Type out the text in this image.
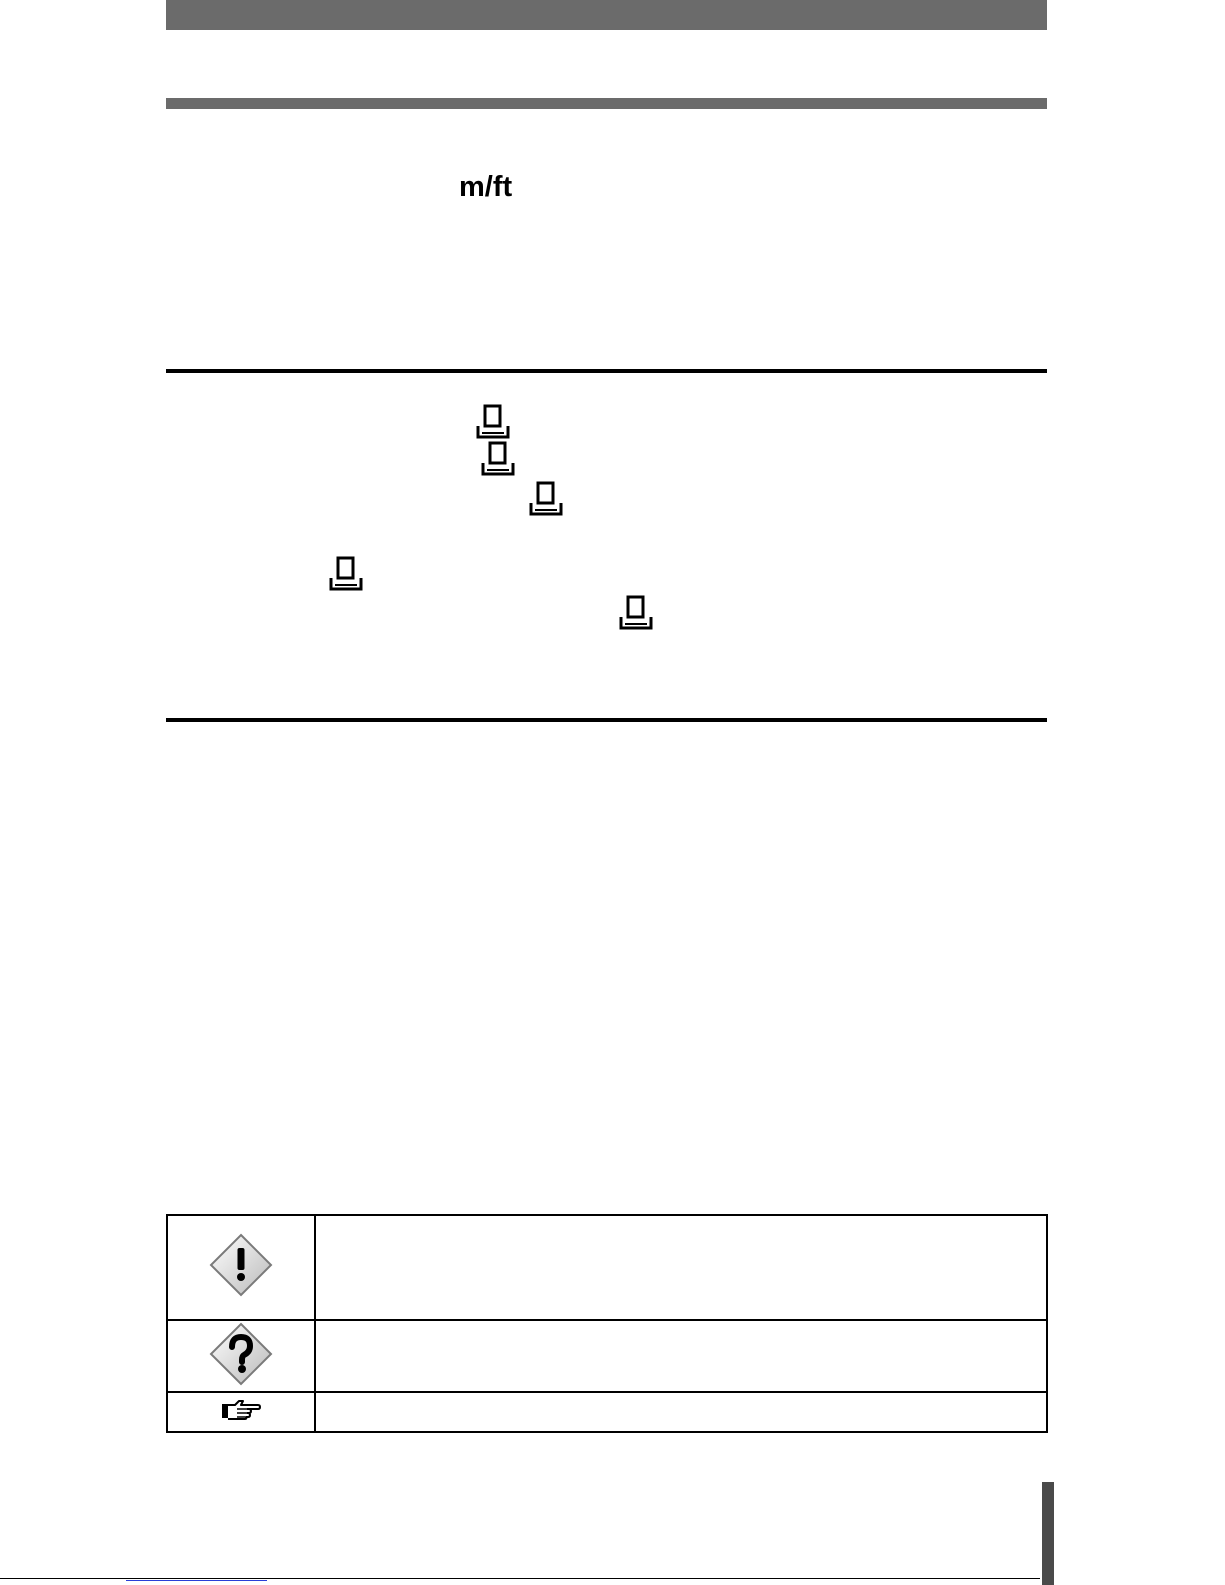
m/ft
